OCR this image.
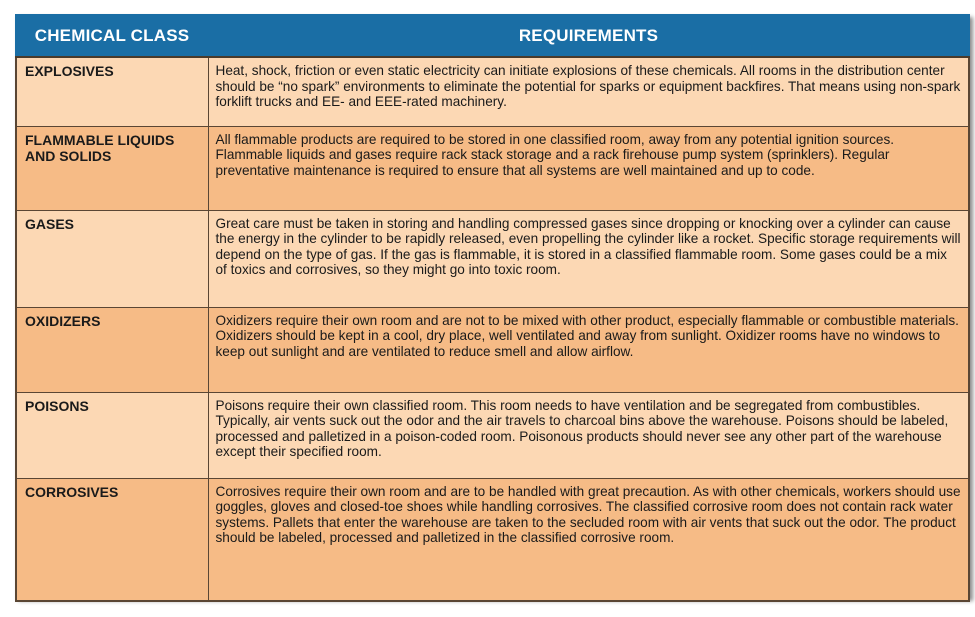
CHEMICAL CLASS	REQUIREMENTS
EXPLOSIVES	Heat, shock, friction or even static electricity can initiate explosions of these chemicals. All rooms in the distribution center should be “no spark” environments to eliminate the potential for sparks or equipment backfires. That means using non-spark forklift trucks and EE- and EEE-rated machinery.
FLAMMABLE LIQUIDS AND SOLIDS	All flammable products are required to be stored in one classified room, away from any potential ignition sources. Flammable liquids and gases require rack stack storage and a rack firehouse pump system (sprinklers). Regular preventative maintenance is required to ensure that all systems are well maintained and up to code.
GASES	Great care must be taken in storing and handling compressed gases since dropping or knocking over a cylinder can cause the energy in the cylinder to be rapidly released, even propelling the cylinder like a rocket. Specific storage requirements will depend on the type of gas. If the gas is flammable, it is stored in a classified flammable room. Some gases could be a mix of toxics and corrosives, so they might go into toxic room.
OXIDIZERS	Oxidizers require their own room and are not to be mixed with other product, especially flammable or combustible materials. Oxidizers should be kept in a cool, dry place, well ventilated and away from sunlight. Oxidizer rooms have no windows to keep out sunlight and are ventilated to reduce smell and allow airflow.
POISONS	Poisons require their own classified room. This room needs to have ventilation and be segregated from combustibles. Typically, air vents suck out the odor and the air travels to charcoal bins above the warehouse. Poisons should be labeled, processed and palletized in a poison-coded room. Poisonous products should never see any other part of the warehouse except their specified room.
CORROSIVES	Corrosives require their own room and are to be handled with great precaution. As with other chemicals, workers should use goggles, gloves and closed-toe shoes while handling corrosives. The classified corrosive room does not contain rack water systems. Pallets that enter the warehouse are taken to the secluded room with air vents that suck out the odor. The product should be labeled, processed and palletized in the classified corrosive room.
